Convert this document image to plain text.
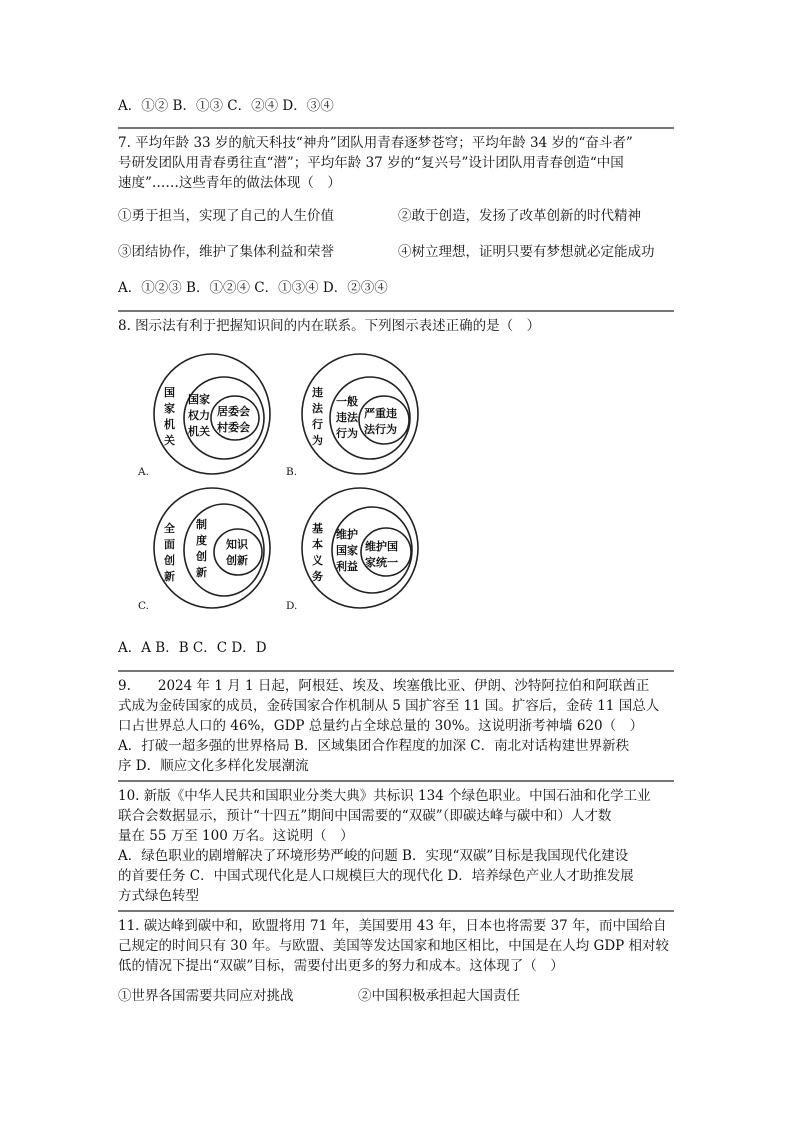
A．①② B．①③ C．②④ D．③④
7. 平均年龄 33 岁的航天科技“神舟”团队用青春逐梦苍穹；平均年龄 34 岁的“奋斗者”
号研发团队用青春勇往直“潜”；平均年龄 37 岁的“复兴号”设计团队用青春创造“中国
速度”……这些青年的做法体现（　）
①勇于担当，实现了自己的人生价值	②敢于创造，发扬了改革创新的时代精神
③团结协作，维护了集体利益和荣誉	④树立理想，证明只要有梦想就必定能成功
A．①②③ B．①②④ C．①③④ D．②③④
8. 图示法有利于把握知识间的内在联系。下列图示表述正确的是（　）
国
家
机
关
国家
权力
机关
居委会
村委会
A.
违
法
行
为
一般
违法
行为
严重违
法行为
B.
全
面
创
新
制
度
创
新
知识
创新
C.
基
本
义
务
维护
国家
利益
维护国
家统一
D.
A．A B．B C．C D．D
9.　　2024 年 1 月 1 日起，阿根廷、埃及、埃塞俄比亚、伊朗、沙特阿拉伯和阿联酋正
式成为金砖国家的成员，金砖国家合作机制从 5 国扩容至 11 国。扩容后，金砖 11 国总人
口占世界总人口的 46%，GDP 总量约占全球总量的 30%。这说明浙考神墙 620（　）
A．打破一超多强的世界格局 B．区域集团合作程度的加深 C．南北对话构建世界新秩
序 D．顺应文化多样化发展潮流
10. 新版《中华人民共和国职业分类大典》共标识 134 个绿色职业。中国石油和化学工业
联合会数据显示，预计“十四五”期间中国需要的“双碳”（即碳达峰与碳中和）人才数
量在 55 万至 100 万名。这说明（　）
A．绿色职业的剧增解决了环境形势严峻的问题 B．实现“双碳”目标是我国现代化建设
的首要任务 C．中国式现代化是人口规模巨大的现代化 D．培养绿色产业人才助推发展
方式绿色转型
11. 碳达峰到碳中和，欧盟将用 71 年，美国要用 43 年，日本也将需要 37 年，而中国给自
己规定的时间只有 30 年。与欧盟、美国等发达国家和地区相比，中国是在人均 GDP 相对较
低的情况下提出“双碳”目标，需要付出更多的努力和成本。这体现了（　）
①世界各国需要共同应对挑战	②中国积极承担起大国责任
